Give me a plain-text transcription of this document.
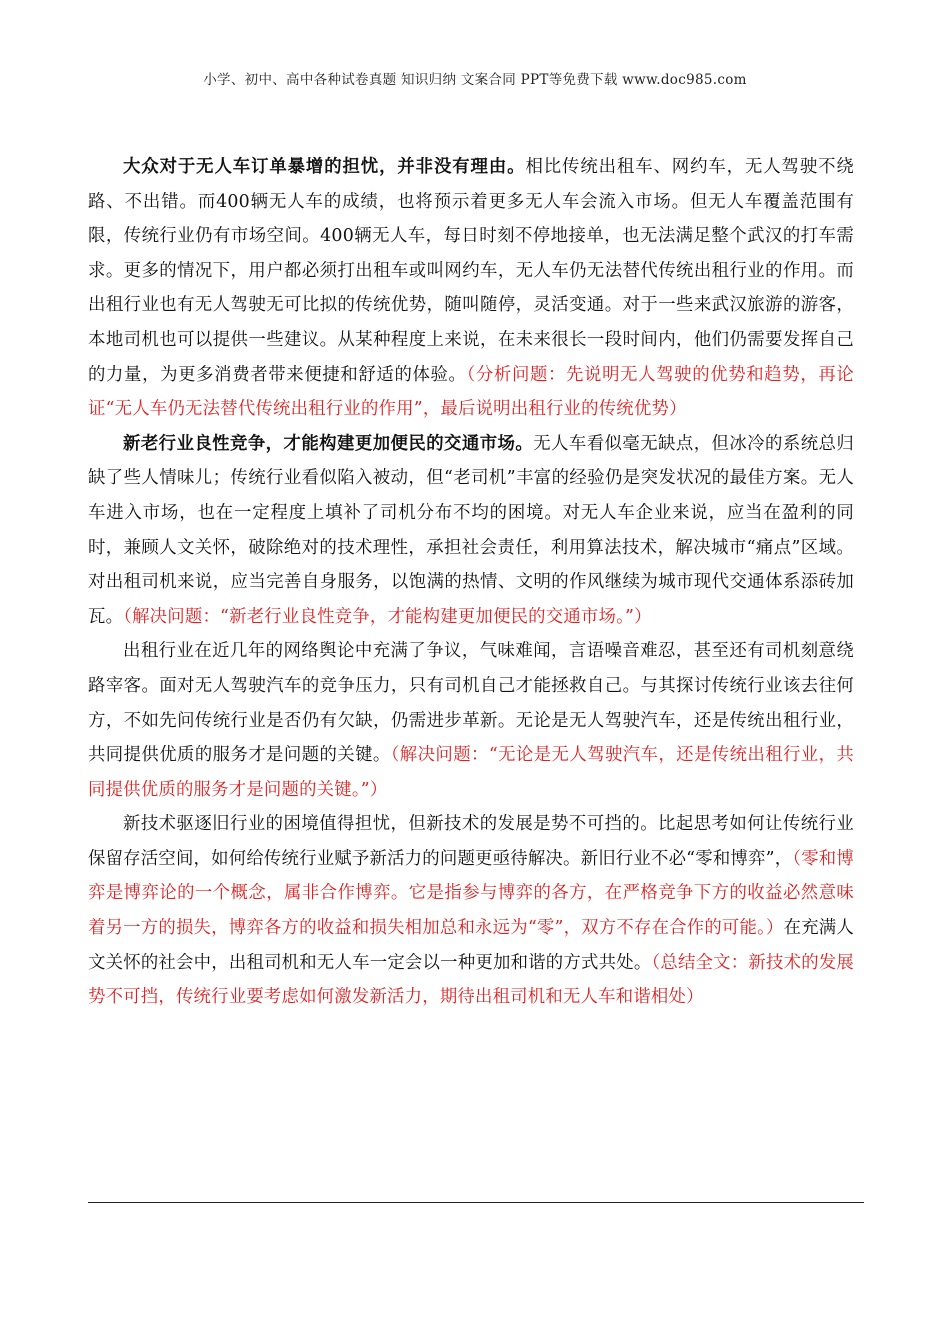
小学、初中、高中各种试卷真题 知识归纳 文案合同 PPT等免费下载 www.doc985.com

大众对于无人车订单暴增的担忧，并非没有理由。相比传统出租车、网约车，无人驾驶不绕路、不出错。而400辆无人车的成绩，也将预示着更多无人车会流入市场。但无人车覆盖范围有限，传统行业仍有市场空间。400辆无人车，每日时刻不停地接单，也无法满足整个武汉的打车需求。更多的情况下，用户都必须打出租车或叫网约车，无人车仍无法替代传统出租行业的作用。而出租行业也有无人驾驶无可比拟的传统优势，随叫随停，灵活变通。对于一些来武汉旅游的游客，本地司机也可以提供一些建议。从某种程度上来说，在未来很长一段时间内，他们仍需要发挥自己的力量，为更多消费者带来便捷和舒适的体验。（分析问题：先说明无人驾驶的优势和趋势，再论证“无人车仍无法替代传统出租行业的作用”，最后说明出租行业的传统优势）

新老行业良性竞争，才能构建更加便民的交通市场。无人车看似毫无缺点，但冰冷的系统总归缺了些人情味儿；传统行业看似陷入被动，但“老司机”丰富的经验仍是突发状况的最佳方案。无人车进入市场，也在一定程度上填补了司机分布不均的困境。对无人车企业来说，应当在盈利的同时，兼顾人文关怀，破除绝对的技术理性，承担社会责任，利用算法技术，解决城市“痛点”区域。对出租司机来说，应当完善自身服务，以饱满的热情、文明的作风继续为城市现代交通体系添砖加瓦。（解决问题：“新老行业良性竞争，才能构建更加便民的交通市场。”）

出租行业在近几年的网络舆论中充满了争议，气味难闻，言语噪音难忍，甚至还有司机刻意绕路宰客。面对无人驾驶汽车的竞争压力，只有司机自己才能拯救自己。与其探讨传统行业该去往何方，不如先问传统行业是否仍有欠缺，仍需进步革新。无论是无人驾驶汽车，还是传统出租行业，共同提供优质的服务才是问题的关键。（解决问题：“无论是无人驾驶汽车，还是传统出租行业，共同提供优质的服务才是问题的关键。”）

新技术驱逐旧行业的困境值得担忧，但新技术的发展是势不可挡的。比起思考如何让传统行业保留存活空间，如何给传统行业赋予新活力的问题更亟待解决。新旧行业不必“零和博弈”，（零和博弈是博弈论的一个概念，属非合作博弈。它是指参与博弈的各方，在严格竞争下方的收益必然意味着另一方的损失，博弈各方的收益和损失相加总和永远为“零”，双方不存在合作的可能。）在充满人文关怀的社会中，出租司机和无人车一定会以一种更加和谐的方式共处。（总结全文：新技术的发展势不可挡，传统行业要考虑如何激发新活力，期待出租司机和无人车和谐相处）
